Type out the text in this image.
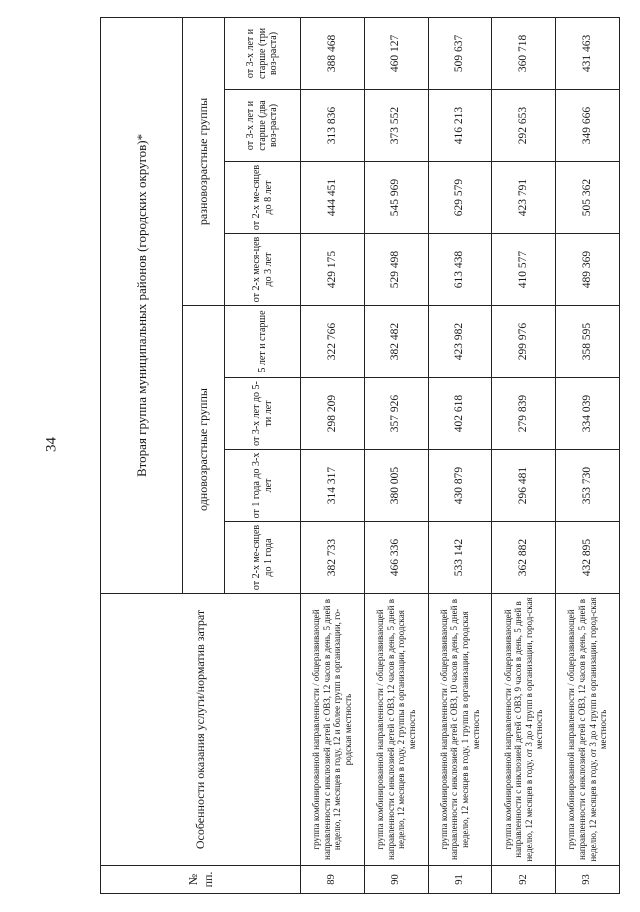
34
№ пп.	Особенности оказания услуги/норматив затрат	Вторая группа муниципальных районов (городских округов)*							
		одновозрастные группы				разновозрастные группы			
		от 2-х ме-сяцев до 1 года	от 1 года до 3-х лет	от 3-х лет до 5-ти лет	5 лет и старше	от 2-х меся-цев до 3 лет	от 2-х ме-сяцев до 8 лет	от 3-х лет и старше (два воз-раста)	от 3-х лет и старше (три воз-раста)
89	группа комбинированной направленности / общеразвивающей направленности с инклюзией детей с ОВЗ, 12 часов в день, 5 дней в неделю, 12 месяцев в году, 12 и более групп в организации, го-родская местность	382 733	314 317	298 209	322 766	429 175	444 451	313 836	388 468
90	группа комбинированной направленности / общеразвивающей направленности с инклюзией детей с ОВЗ, 12 часов в день, 5 дней в неделю, 12 месяцев в году, 2 группы в организации, городская местность	466 336	380 005	357 926	382 482	529 498	545 969	373 552	460 127
91	группа комбинированной направленности / общеразвивающей направленности с инклюзией детей с ОВЗ, 10 часов в день, 5 дней в неделю, 12 месяцев в году, 1 группа в организации, городская местность	533 142	430 879	402 618	423 982	613 438	629 579	416 213	509 637
92	группа комбинированной направленности / общеразвивающей направленности с инклюзией детей с ОВЗ, 9 часов в день, 5 дней в неделю, 12 месяцев в году, от 3 до 4 групп в организации, город-ская местность	362 882	296 481	279 839	299 976	410 577	423 791	292 653	360 718
93	группа комбинированной направленности / общеразвивающей направленности с инклюзией детей с ОВЗ, 12 часов в день, 5 дней в неделю, 12 месяцев в году, от 3 до 4 групп в организации, город-ская местность	432 895	353 730	334 039	358 595	489 369	505 362	349 666	431 463
